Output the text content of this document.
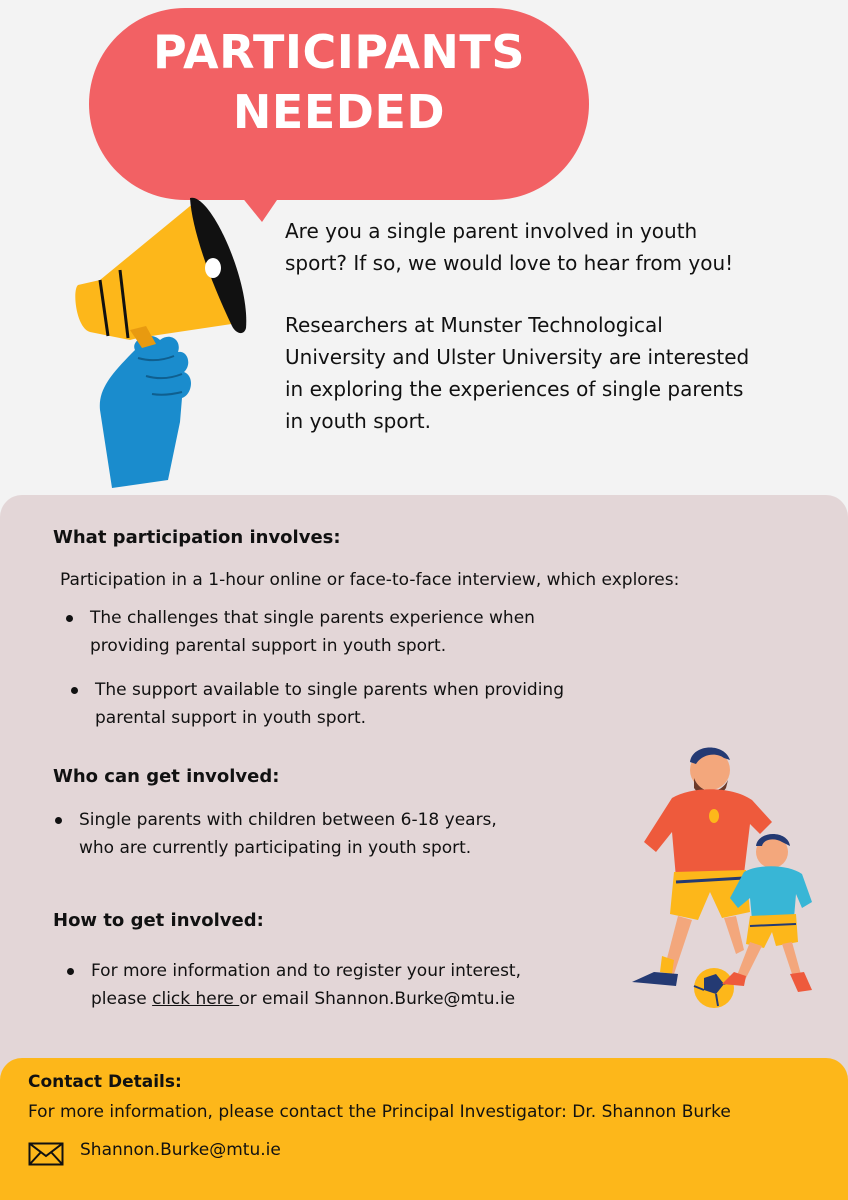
PARTICIPANTS
NEEDED

Are you a single parent involved in youth
sport? If so, we would love to hear from you!

Researchers at Munster Technological
University and Ulster University are interested
in exploring the experiences of single parents
in youth sport.

What participation involves:
Participation in a 1-hour online or face-to-face interview, which explores:
The challenges that single parents experience when
providing parental support in youth sport.
The support available to single parents when providing
parental support in youth sport.
Who can get involved:
Single parents with children between 6-18 years,
who are currently participating in youth sport.
How to get involved:
For more information and to register your interest,
please click here or email Shannon.Burke@mtu.ie
Contact Details:
For more information, please contact the Principal Investigator: Dr. Shannon Burke
Shannon.Burke@mtu.ie
